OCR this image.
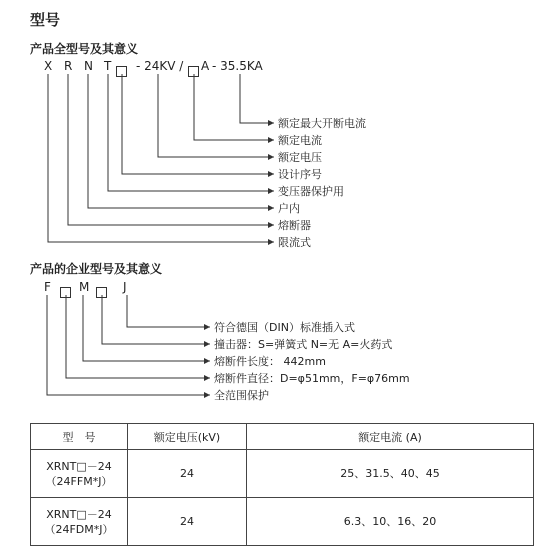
型号
产品全型号及其意义
X R N T - 24KV / A - 35.5KA
额定最大开断电流
额定电流
额定电压
设计序号
变压器保护用
户内
熔断器
限流式
产品的企业型号及其意义
F M	J
符合德国（DIN）标准插入式
撞击器：S=弹簧式 N=无 A=火药式
熔断件长度： 442mm
熔断件直径：D=φ51mm，F=φ76mm
全范围保护
型　号	额定电压(kV)	额定电流 (A)

XRNT□－24
（24FFM*J）	24	25、31.5、40、45

XRNT□－24
（24FDM*J）	24	6.3、10、16、20
